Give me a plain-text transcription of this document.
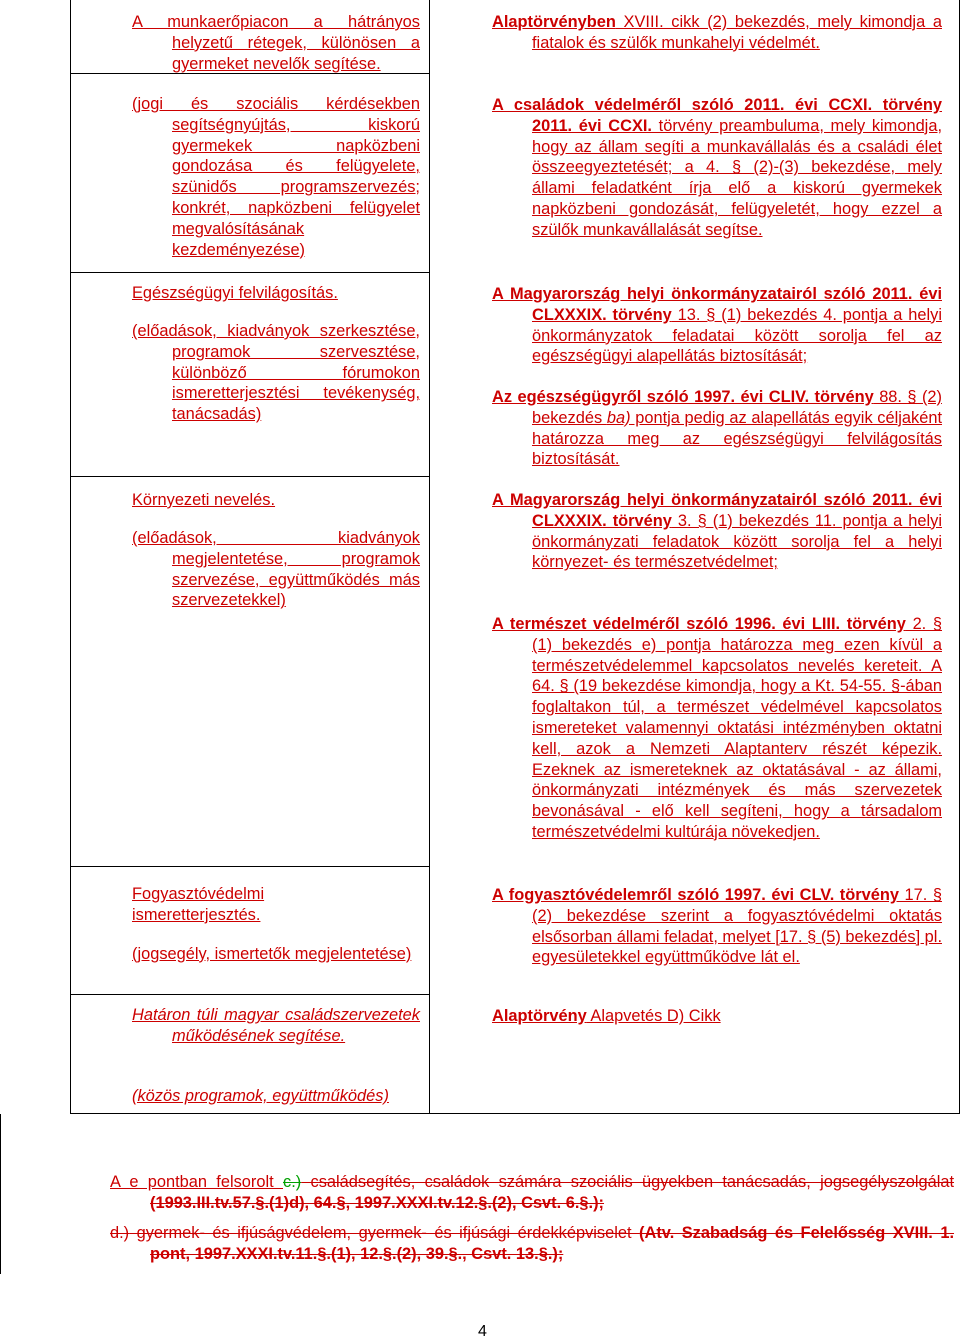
A munkaerőpiacon a hátrányos helyzetű rétegek, különösen a gyermeket nevelők segítése.

(jogi és szociális kérdésekben segítségnyújtás, kiskorú gyermekek napközbeni gondozása és felügyelete, szünidős programszervezés; konkrét, napközbeni felügyelet megvalósításának kezdeményezése)

Egészségügyi felvilágosítás.

(előadások, kiadványok szerkesztése, programok szervesztése, különböző fórumokon ismeretterjesztési tevékenység, tanácsadás)

Környezeti nevelés.

(előadások, kiadványok megjelentetése, programok szervezése, együttműködés más szervezetekkel)

Fogyasztóvédelmi ismeretterjesztés.

(jogsegély, ismertetők megjelentetése)

Határon túli magyar családszervezetek működésének segítése.

(közös programok, együttműködés)

Alaptörvényben XVIII. cikk (2) bekezdés, mely kimondja a fiatalok és szülők munkahelyi védelmét.

A családok védelméről szóló 2011. évi CCXI. törvény 2011. évi CCXI. törvény preambuluma, mely kimondja, hogy az állam segíti a munkavállalás és a családi élet összeegyeztetését; a 4. § (2)-(3) bekezdése, mely állami feladatként írja elő a kiskorú gyermekek napközbeni gondozását, felügyeletét, hogy ezzel a szülők munkavállalását segítse.

A Magyarország helyi önkormányzatairól szóló 2011. évi CLXXXIX. törvény 13. § (1) bekezdés 4. pontja a helyi önkormányzatok feladatai között sorolja fel az egészségügyi alapellátás biztosítását;

Az egészségügyről szóló 1997. évi CLIV. törvény 88. § (2) bekezdés ba) pontja pedig az alapellátás egyik céljaként határozza meg az egészségügyi felvilágosítás biztosítását.

A Magyarország helyi önkormányzatairól szóló 2011. évi CLXXXIX. törvény 3. § (1) bekezdés 11. pontja a helyi önkormányzati feladatok között sorolja fel a helyi környezet- és természetvédelmet;

A természet védelméről szóló 1996. évi LIII. törvény 2. § (1) bekezdés e) pontja határozza meg ezen kívül a természetvédelemmel kapcsolatos nevelés kereteit. A 64. § (19 bekezdése kimondja, hogy a Kt. 54-55. §-ában foglaltakon túl, a természet védelmével kapcsolatos ismereteket valamennyi oktatási intézményben oktatni kell, azok a Nemzeti Alaptanterv részét képezik. Ezeknek az ismereteknek az oktatásával - az állami, önkormányzati intézmények és más szervezetek bevonásával - elő kell segíteni, hogy a társadalom természetvédelmi kultúrája növekedjen.

A fogyasztóvédelemről szóló 1997. évi CLV. törvény 17. § (2) bekezdése szerint a fogyasztóvédelmi oktatás elsősorban állami feladat, melyet [17. § (5) bekezdés] pl. egyesületekkel együttműködve lát el.

Alaptörvény Alapvetés D) Cikk

A e pontban felsorolt c.) családsegítés, családok számára szociális ügyekben tanácsadás, jogsegélyszolgálat (1993.III.tv.57.§.(1)d), 64.§, 1997.XXXI.tv.12.§.(2), Csvt. 6.§.);

d.) gyermek- és ifjúságvédelem, gyermek- és ifjúsági érdekképviselet (Atv. Szabadság és Felelősség XVIII. 1. pont, 1997.XXXI.tv.11.§.(1), 12.§.(2), 39.§., Csvt. 13.§.);

4
